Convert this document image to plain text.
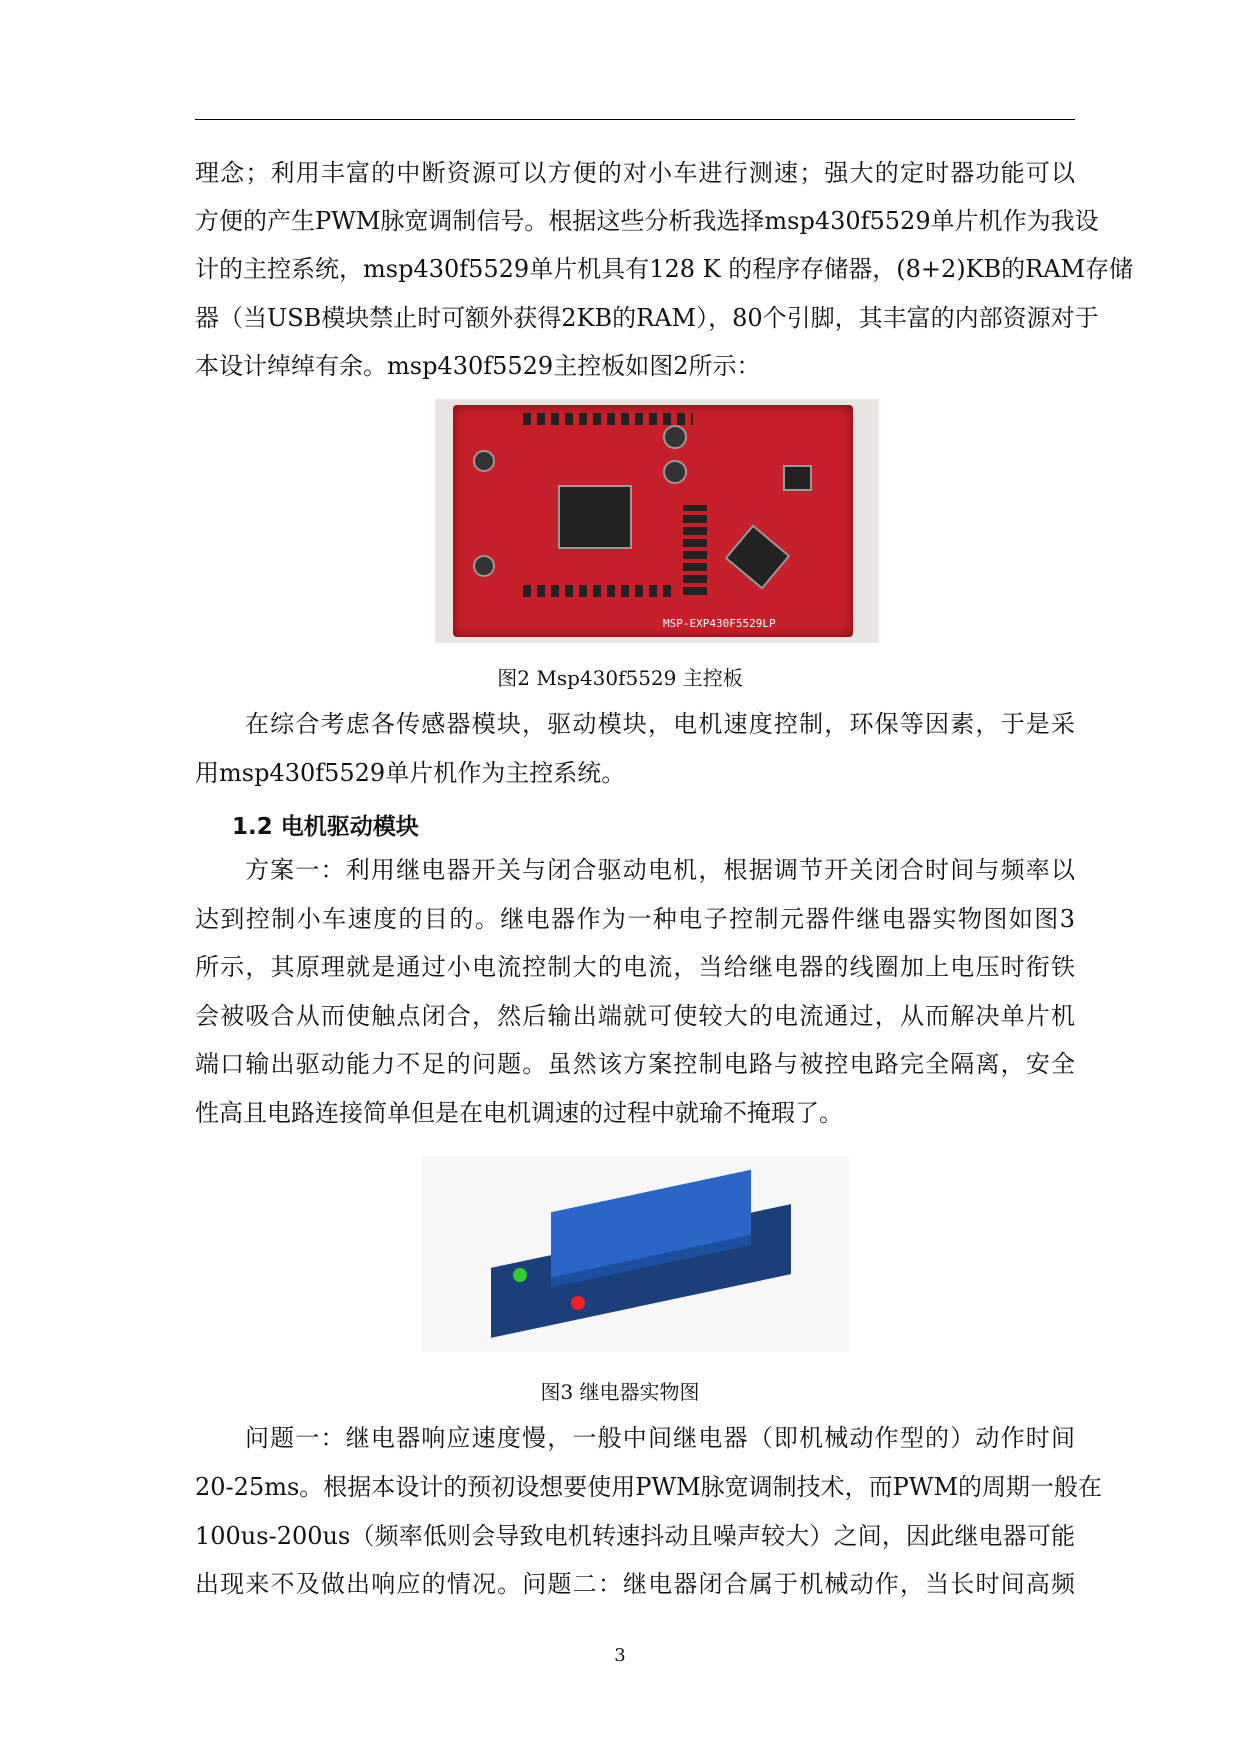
理念；利用丰富的中断资源可以方便的对小车进行测速；强大的定时器功能可以
方便的产生PWM脉宽调制信号。根据这些分析我选择msp430f5529单片机作为我设
计的主控系统，msp430f5529单片机具有128 K 的程序存储器，(8+2)KB的RAM存储
器（当USB模块禁止时可额外获得2KB的RAM），80个引脚，其丰富的内部资源对于
本设计绰绰有余。msp430f5529主控板如图2所示：
MSP-EXP430F5529LP
图2 Msp430f5529 主控板
在综合考虑各传感器模块，驱动模块，电机速度控制，环保等因素，于是采
用msp430f5529单片机作为主控系统。
1.2 电机驱动模块
方案一：利用继电器开关与闭合驱动电机，根据调节开关闭合时间与频率以
达到控制小车速度的目的。继电器作为一种电子控制元器件继电器实物图如图3
所示，其原理就是通过小电流控制大的电流，当给继电器的线圈加上电压时衔铁
会被吸合从而使触点闭合，然后输出端就可使较大的电流通过，从而解决单片机
端口输出驱动能力不足的问题。虽然该方案控制电路与被控电路完全隔离，安全
性高且电路连接简单但是在电机调速的过程中就瑜不掩瑕了。
图3 继电器实物图
问题一：继电器响应速度慢，一般中间继电器（即机械动作型的）动作时间
20-25ms。根据本设计的预初设想要使用PWM脉宽调制技术，而PWM的周期一般在
100us-200us（频率低则会导致电机转速抖动且噪声较大）之间，因此继电器可能
出现来不及做出响应的情况。问题二：继电器闭合属于机械动作，当长时间高频
3
